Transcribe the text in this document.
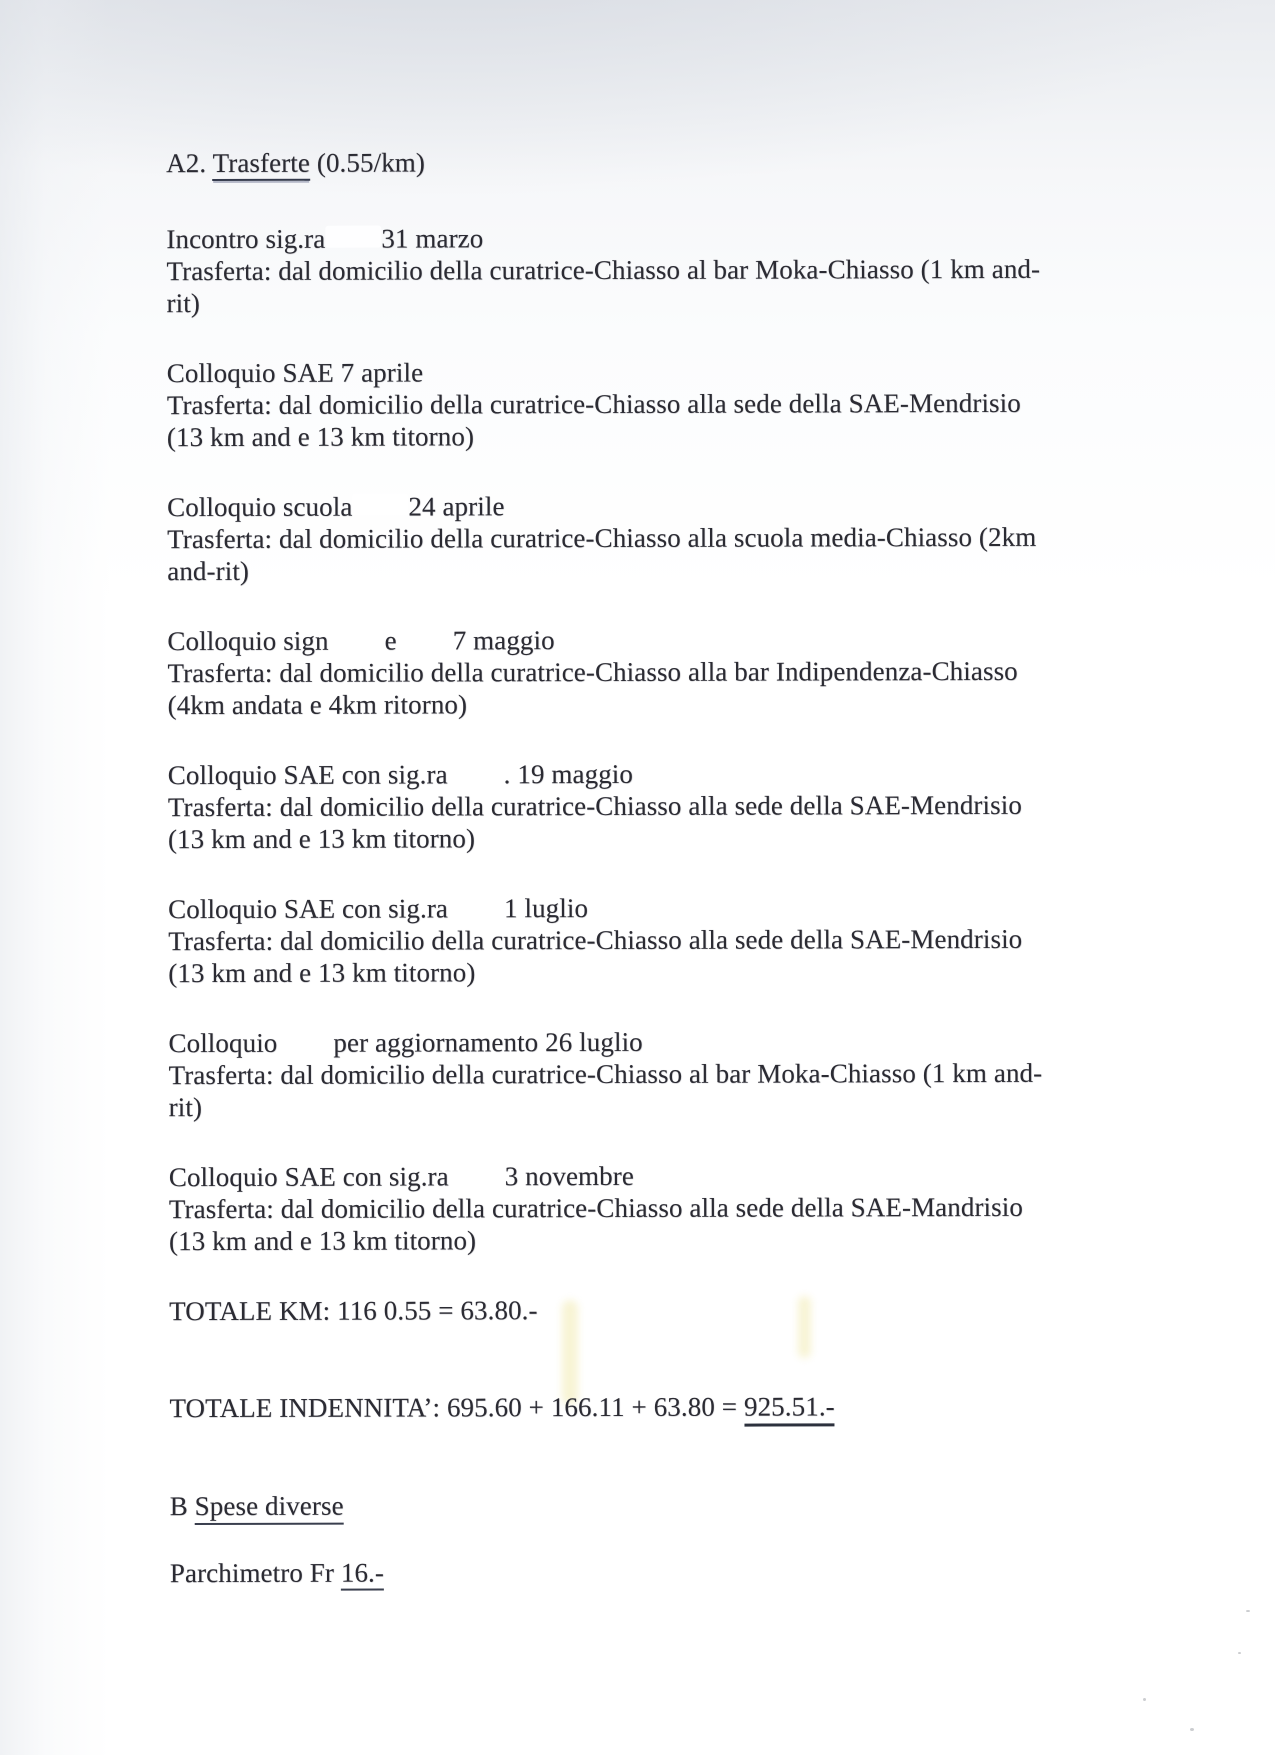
A2. Trasferte (0.55/km)
Incontro sig.ra 31 marzo
Trasferta: dal domicilio della curatrice-Chiasso al bar Moka-Chiasso (1 km and-
rit)
Colloquio SAE 7 aprile
Trasferta: dal domicilio della curatrice-Chiasso alla sede della SAE-Mendrisio
(13 km and e 13 km titorno)
Colloquio scuola 24 aprile
Trasferta: dal domicilio della curatrice-Chiasso alla scuola media-Chiasso (2km
and-rit)
Colloquio sign e 7 maggio
Trasferta: dal domicilio della curatrice-Chiasso alla bar Indipendenza-Chiasso
(4km andata e 4km ritorno)
Colloquio SAE con sig.ra . 19 maggio
Trasferta: dal domicilio della curatrice-Chiasso alla sede della SAE-Mendrisio
(13 km and e 13 km titorno)
Colloquio SAE con sig.ra 1 luglio
Trasferta: dal domicilio della curatrice-Chiasso alla sede della SAE-Mendrisio
(13 km and e 13 km titorno)
Colloquio per aggiornamento 26 luglio
Trasferta: dal domicilio della curatrice-Chiasso al bar Moka-Chiasso (1 km and-
rit)
Colloquio SAE con sig.ra 3 novembre
Trasferta: dal domicilio della curatrice-Chiasso alla sede della SAE-Mandrisio
(13 km and e 13 km titorno)
TOTALE KM: 116 0.55 = 63.80.-
TOTALE INDENNITA’: 695.60 + 166.11 + 63.80 = 925.51.-
B Spese diverse
Parchimetro Fr 16.-
